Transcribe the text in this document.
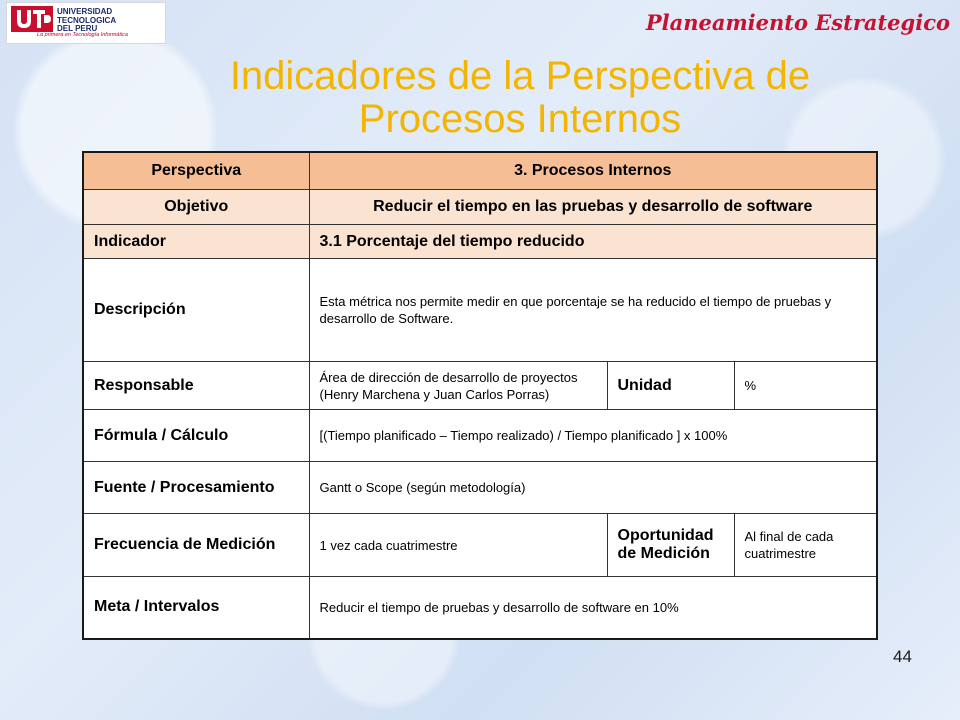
UNIVERSIDAD
TECNOLOGICA
DEL PERU
La primera en Tecnología Informática	Planeamiento Estrategico
Indicadores de la Perspectiva de
Procesos Internos
Perspectiva	3. Procesos Internos		
Objetivo	Reducir el tiempo en las pruebas y desarrollo de software		
Indicador	3.1 Porcentaje del tiempo reducido		
Descripción	Esta métrica nos permite medir en que porcentaje se ha reducido el tiempo de pruebas y desarrollo de Software.		
Responsable	Área de dirección de desarrollo de proyectos (Henry Marchena y Juan Carlos Porras)	Unidad	%
Fórmula / Cálculo	[(Tiempo planificado – Tiempo realizado) / Tiempo planificado ] x 100%		
Fuente / Procesamiento	Gantt o Scope (según metodología)		
Frecuencia de Medición	1 vez cada cuatrimestre	Oportunidad de Medición	Al final de cada cuatrimestre
Meta / Intervalos	Reducir el tiempo de pruebas y desarrollo de software en 10%		
44
